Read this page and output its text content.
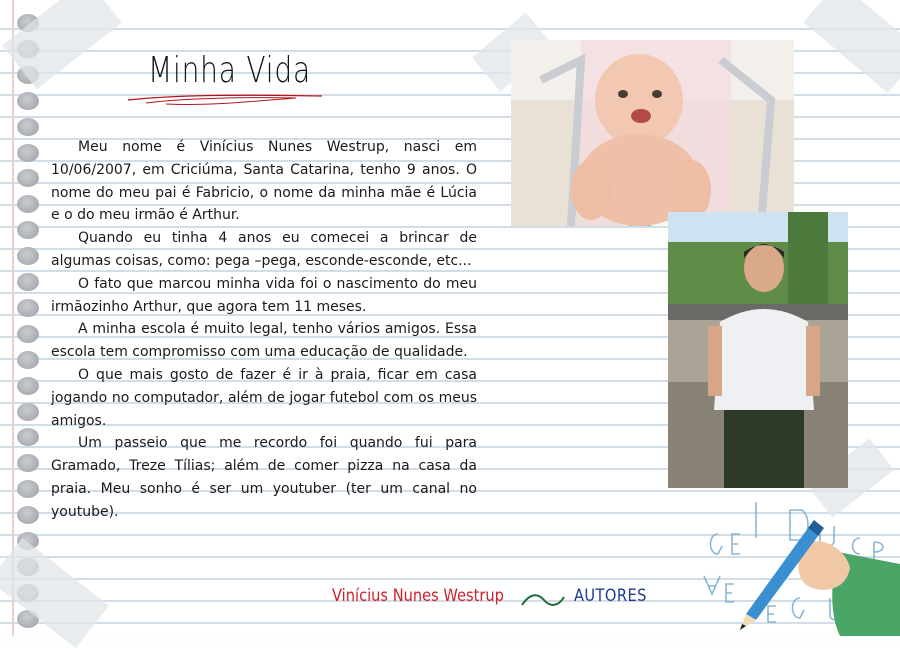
Minha Vida

Meu nome é Vinícius Nunes Westrup, nasci em 10/06/2007, em Criciúma, Santa Catarina, tenho 9 anos. O nome do meu pai é Fabricio, o nome da minha mãe é Lúcia e o do meu irmão é Arthur.

Quando eu tinha 4 anos eu comecei a brincar de algumas coisas, como: pega –pega, esconde-esconde, etc...

O fato que marcou minha vida foi o nascimento do meu irmãozinho Arthur, que agora tem 11 meses.

A minha escola é muito legal, tenho vários amigos. Essa escola tem compromisso com uma educação de qualidade.

O que mais gosto de fazer é ir à praia, ficar em casa jogando no computador, além de jogar futebol com os meus amigos.

Um passeio que me recordo foi quando fui para Gramado, Treze Tílias; além de comer pizza na casa da praia. Meu sonho é ser um youtuber (ter um canal no youtube).

Vinícius Nunes Westrup	AUTORES
